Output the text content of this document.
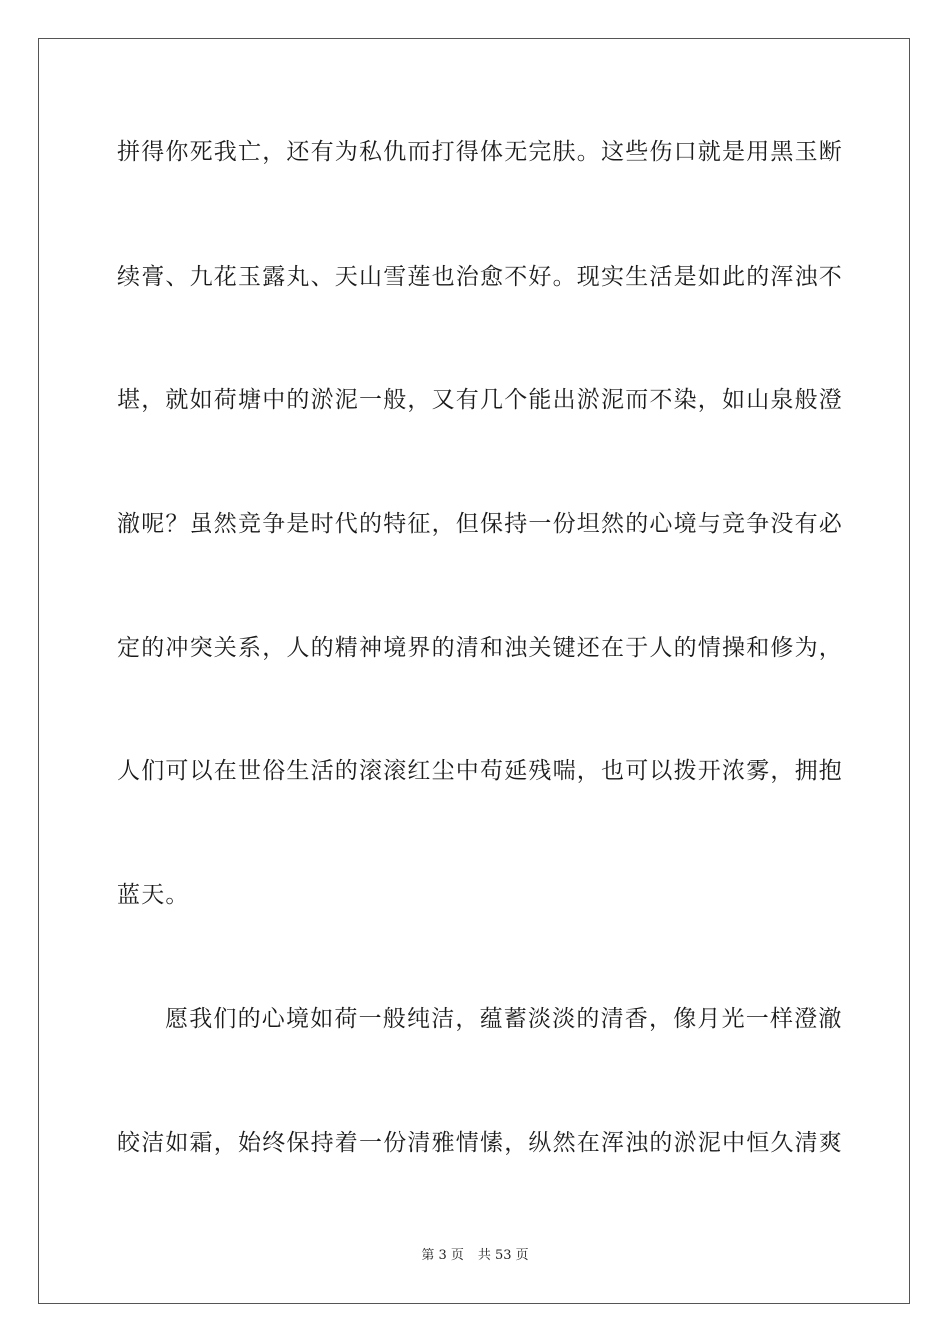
拼得你死我亡，还有为私仇而打得体无完肤。这些伤口就是用黑玉断
续膏、九花玉露丸、天山雪莲也治愈不好。现实生活是如此的浑浊不
堪，就如荷塘中的淤泥一般，又有几个能出淤泥而不染，如山泉般澄
澈呢？虽然竞争是时代的特征，但保持一份坦然的心境与竞争没有必
定的冲突关系，人的精神境界的清和浊关键还在于人的情操和修为，
人们可以在世俗生活的滚滚红尘中苟延残喘，也可以拨开浓雾，拥抱
蓝天。
愿我们的心境如荷一般纯洁，蕴蓄淡淡的清香，像月光一样澄澈
皎洁如霜，始终保持着一份清雅情愫，纵然在浑浊的淤泥中恒久清爽
第 3 页 共 53 页
